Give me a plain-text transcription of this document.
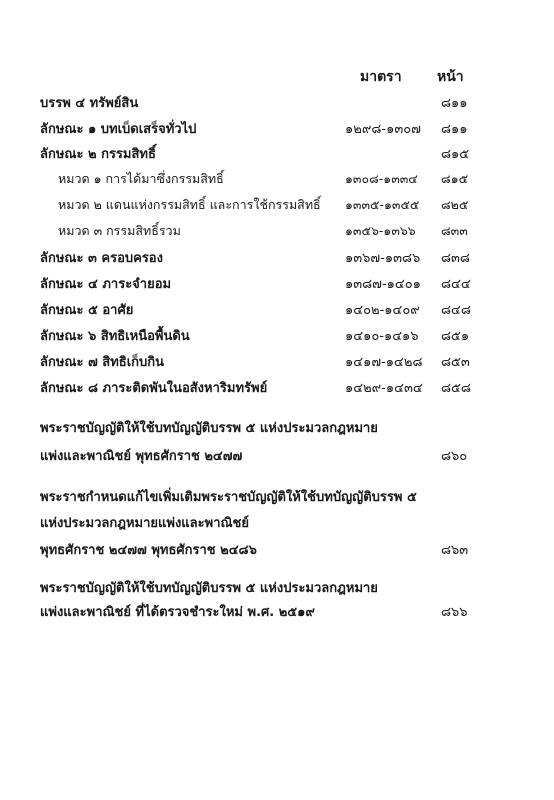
มาตรา	หน้า
บรรพ ๔ ทรัพย์สิน	๘๑๑
ลักษณะ ๑ บทเบ็ดเสร็จทั่วไป	๑๒๙๘-๑๓๐๗ ๘๑๑
ลักษณะ ๒ กรรมสิทธิ์	๘๑๕
หมวด ๑ การได้มาซึ่งกรรมสิทธิ์	๑๓๐๘-๑๓๓๔ ๘๑๕
หมวด ๒ แดนแห่งกรรมสิทธิ์ และการใช้กรรมสิทธิ์ ๑๓๓๕-๑๓๕๕ ๘๒๕
หมวด ๓ กรรมสิทธิ์รวม	๑๓๕๖-๑๓๖๖ ๘๓๓
ลักษณะ ๓ ครอบครอง	๑๓๖๗-๑๓๘๖ ๘๓๘
ลักษณะ ๔ ภาระจำยอม	๑๓๘๗-๑๔๐๑ ๘๔๔
ลักษณะ ๕ อาศัย	๑๔๐๒-๑๔๐๙ ๘๔๘
ลักษณะ ๖ สิทธิเหนือพื้นดิน	๑๔๑๐-๑๔๑๖ ๘๕๑
ลักษณะ ๗ สิทธิเก็บกิน	๑๔๑๗-๑๔๒๘ ๘๕๓
ลักษณะ ๘ ภาระติดพันในอสังหาริมทรัพย์	๑๔๒๙-๑๔๓๔ ๘๕๘
พระราชบัญญัติให้ใช้บทบัญญัติบรรพ ๕ แห่งประมวลกฎหมาย
แพ่งและพาณิชย์ พุทธศักราช ๒๔๗๗	๘๖๐
พระราชกำหนดแก้ไขเพิ่มเติมพระราชบัญญัติให้ใช้บทบัญญัติบรรพ ๕
แห่งประมวลกฎหมายแพ่งและพาณิชย์
พุทธศักราช ๒๔๗๗ พุทธศักราช ๒๔๘๖	๘๖๓
พระราชบัญญัติให้ใช้บทบัญญัติบรรพ ๕ แห่งประมวลกฎหมาย
แพ่งและพาณิชย์ ที่ได้ตรวจชำระใหม่ พ.ศ. ๒๕๑๙	๘๖๖
